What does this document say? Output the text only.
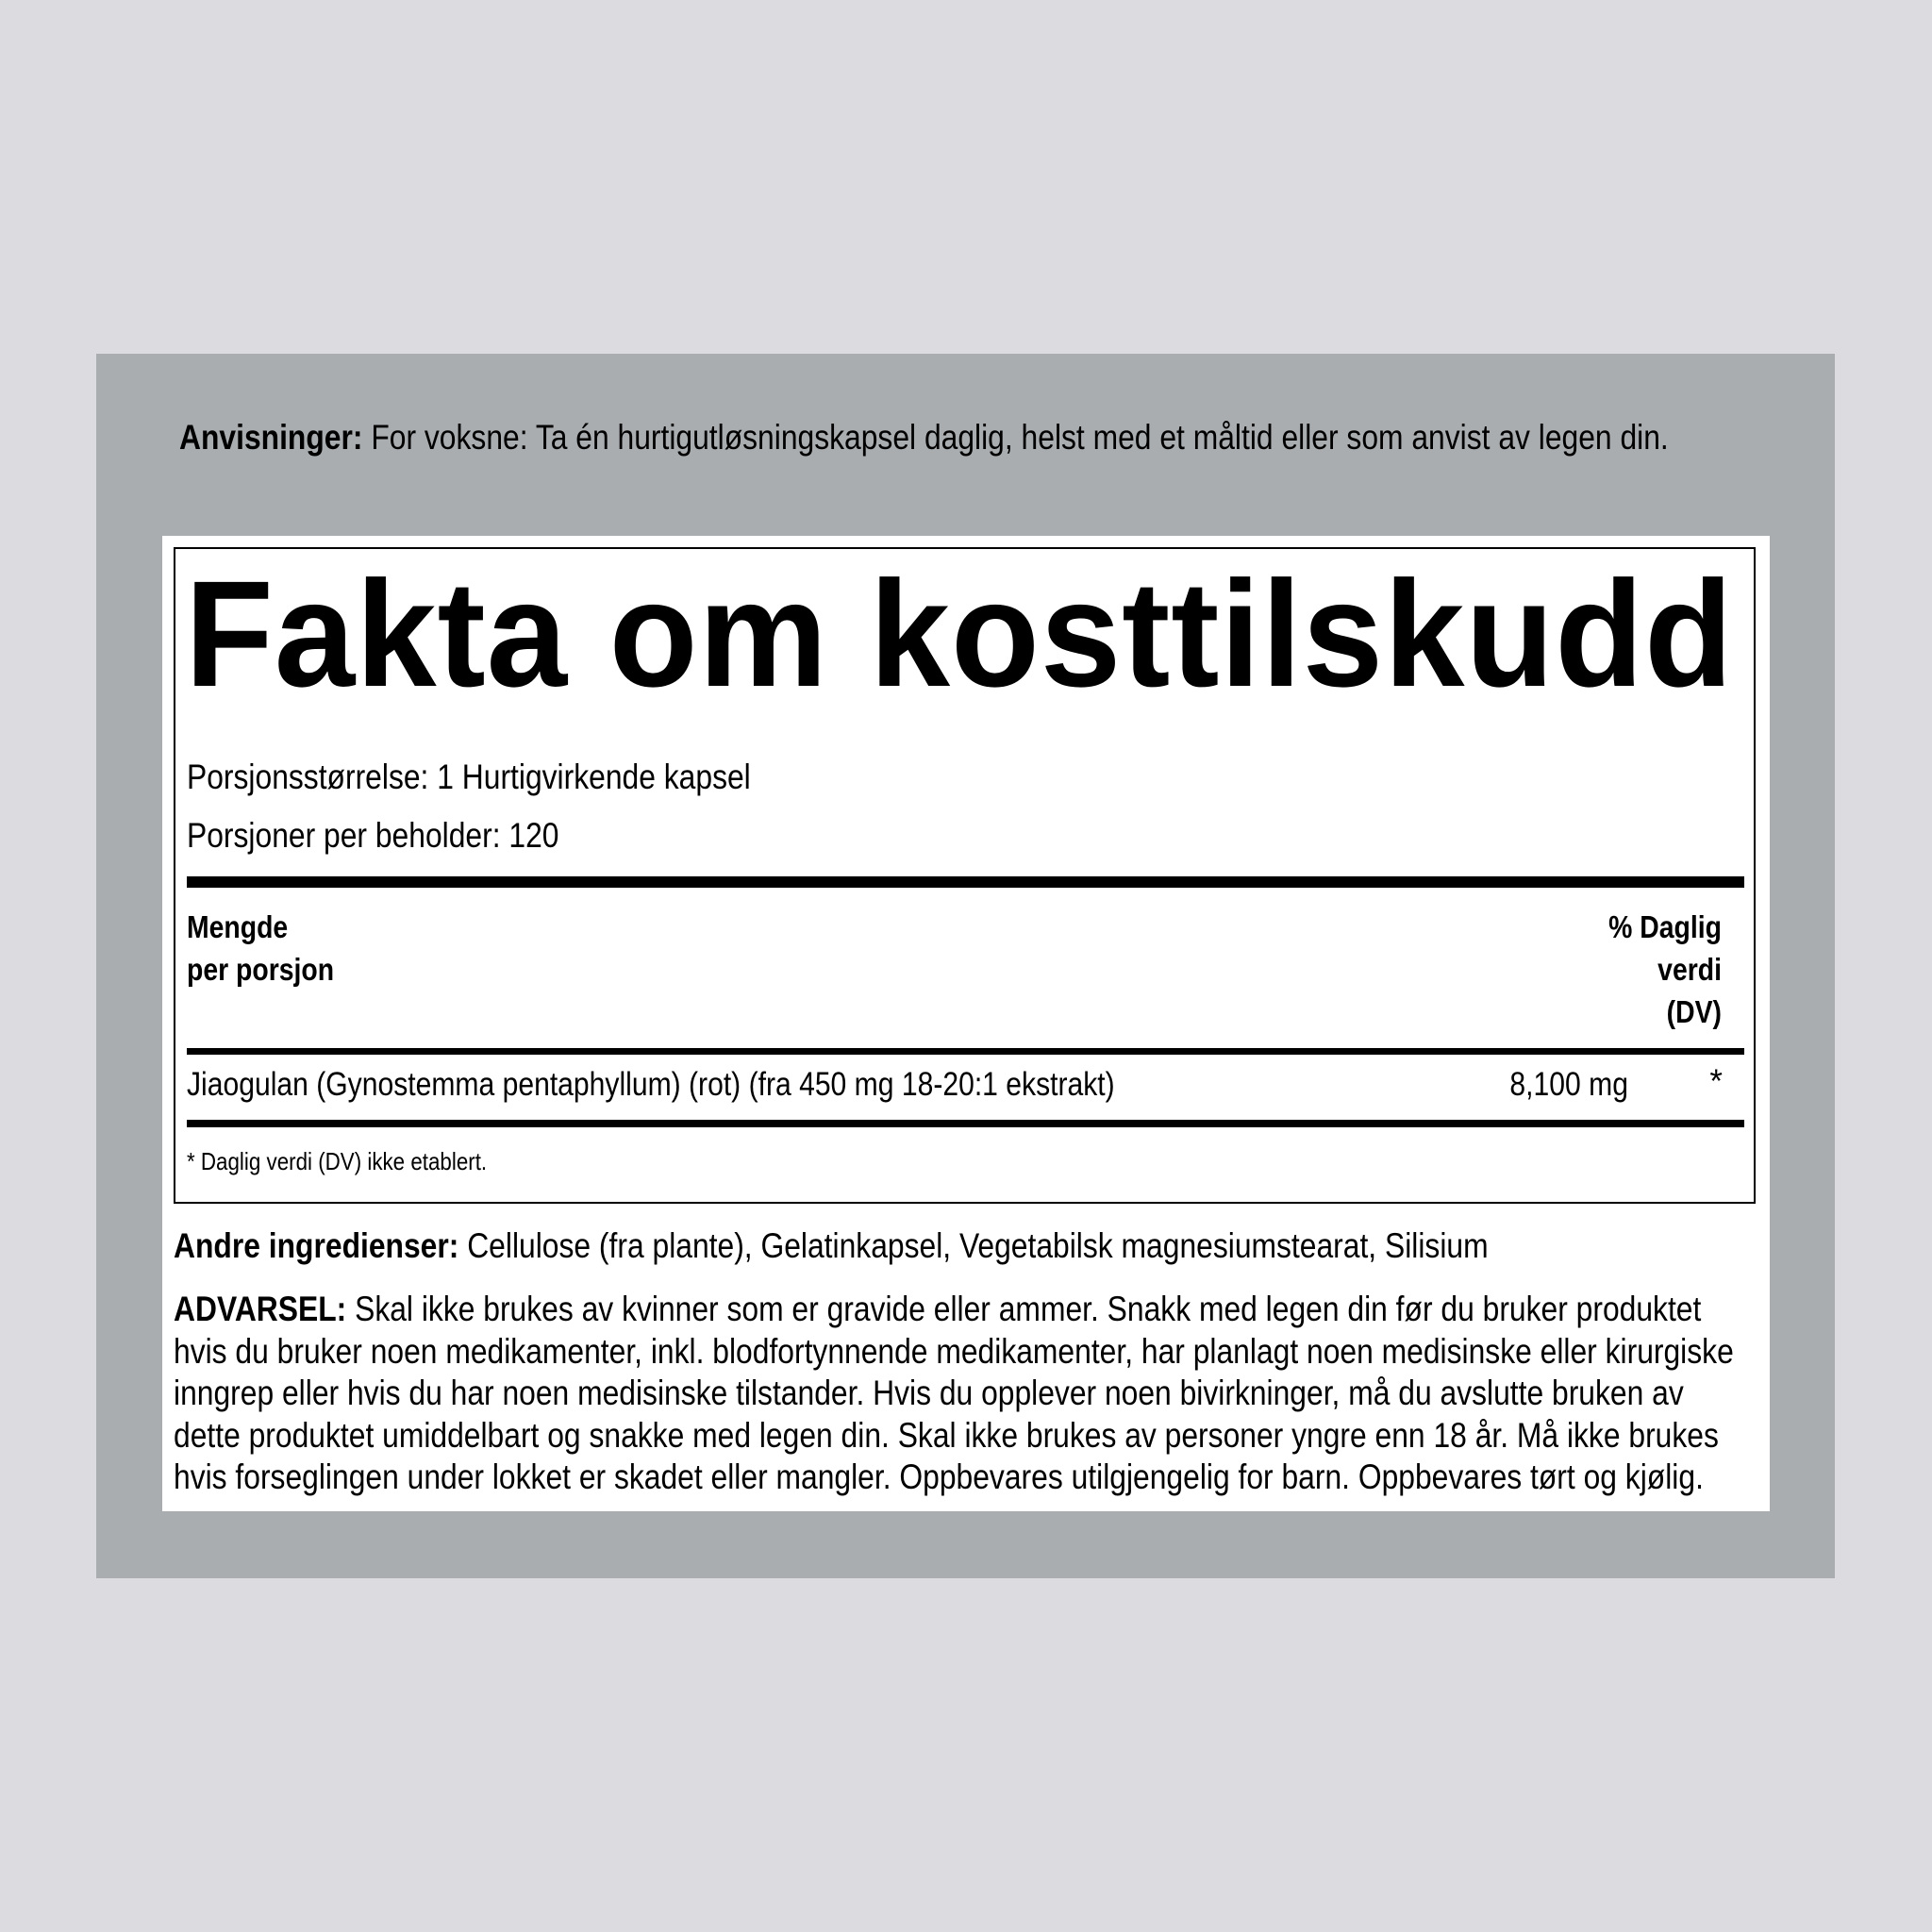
Anvisninger: For voksne: Ta én hurtigutløsningskapsel daglig, helst med et måltid eller som anvist av legen din.
Fakta om kosttilskudd
Porsjonsstørrelse: 1 Hurtigvirkende kapsel
Porsjoner per beholder: 120
Mengde
per porsjon
% Daglig
verdi
(DV)
Jiaogulan (Gynostemma pentaphyllum) (rot) (fra 450 mg 18-20:1 ekstrakt)	8,100 mg *
* Daglig verdi (DV) ikke etablert.
Andre ingredienser: Cellulose (fra plante), Gelatinkapsel, Vegetabilsk magnesiumstearat, Silisium
ADVARSEL: Skal ikke brukes av kvinner som er gravide eller ammer. Snakk med legen din før du bruker produktet hvis du bruker noen medikamenter, inkl. blodfortynnende medikamenter, har planlagt noen medisinske eller kirurgiske inngrep eller hvis du har noen medisinske tilstander. Hvis du opplever noen bivirkninger, må du avslutte bruken av dette produktet umiddelbart og snakke med legen din. Skal ikke brukes av personer yngre enn 18 år. Må ikke brukes hvis forseglingen under lokket er skadet eller mangler. Oppbevares utilgjengelig for barn. Oppbevares tørt og kjølig.
